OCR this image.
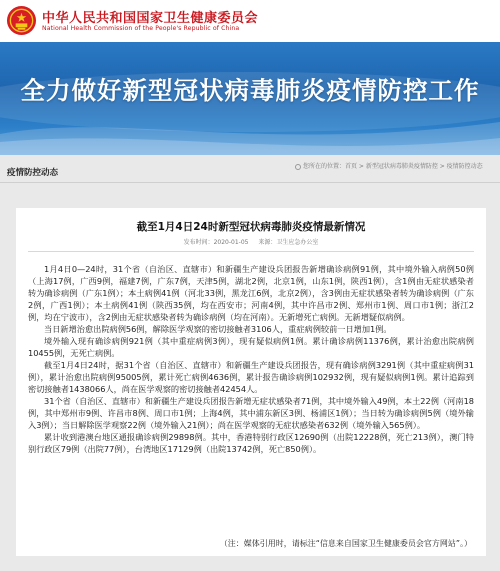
中华人民共和国国家卫生健康委员会
National Health Commission of the People's Republic of China
全力做好新型冠状病毒肺炎疫情防控工作
疫情防控动态
您所在的位置：首页 > 新型冠状病毒肺炎疫情防控 > 疫情防控动态
截至1月4日24时新型冠状病毒肺炎疫情最新情况
发布时间：2020-01-05 来源：卫生应急办公室

1月4日0—24时，31个省（自治区、直辖市）和新疆生产建设兵团报告新增确诊病例91例，其中境外输入病例50例（上海17例，广西9例，福建7例，广东7例，天津5例，湖北2例，北京1例，山东1例，陕西1例），含1例由无症状感染者转为确诊病例（广东1例）；本土病例41例（河北33例，黑龙江6例，北京2例），含3例由无症状感染者转为确诊病例（广东2例，广西1例）；本土病例41例（陕西35例，均在西安市；河南4例，其中许昌市2例、郑州市1例、周口市1例；浙江2例，均在宁波市），含2例由无症状感染者转为确诊病例（均在河南）。无新增死亡病例。无新增疑似病例。

当日新增治愈出院病例56例，解除医学观察的密切接触者3106人，重症病例较前一日增加1例。

境外输入现有确诊病例921例（其中重症病例3例），现有疑似病例1例。累计确诊病例11376例，累计治愈出院病例10455例，无死亡病例。

截至1月4日24时，据31个省（自治区、直辖市）和新疆生产建设兵团报告，现有确诊病例3291例（其中重症病例31例），累计治愈出院病例95005例，累计死亡病例4636例，累计报告确诊病例102932例，现有疑似病例1例。累计追踪到密切接触者1438066人，尚在医学观察的密切接触者42454人。

31个省（自治区、直辖市）和新疆生产建设兵团报告新增无症状感染者71例，其中境外输入49例，本土22例（河南18例，其中郑州市9例、许昌市8例、周口市1例；上海4例，其中浦东新区3例、杨浦区1例）；当日转为确诊病例5例（境外输入3例）；当日解除医学观察22例（境外输入21例）；尚在医学观察的无症状感染者632例（境外输入565例）。

累计收到港澳台地区通报确诊病例29898例。其中，香港特别行政区12690例（出院12228例，死亡213例），澳门特别行政区79例（出院77例），台湾地区17129例（出院13742例，死亡850例）。

（注：媒体引用时，请标注“信息来自国家卫生健康委员会官方网站”。）
